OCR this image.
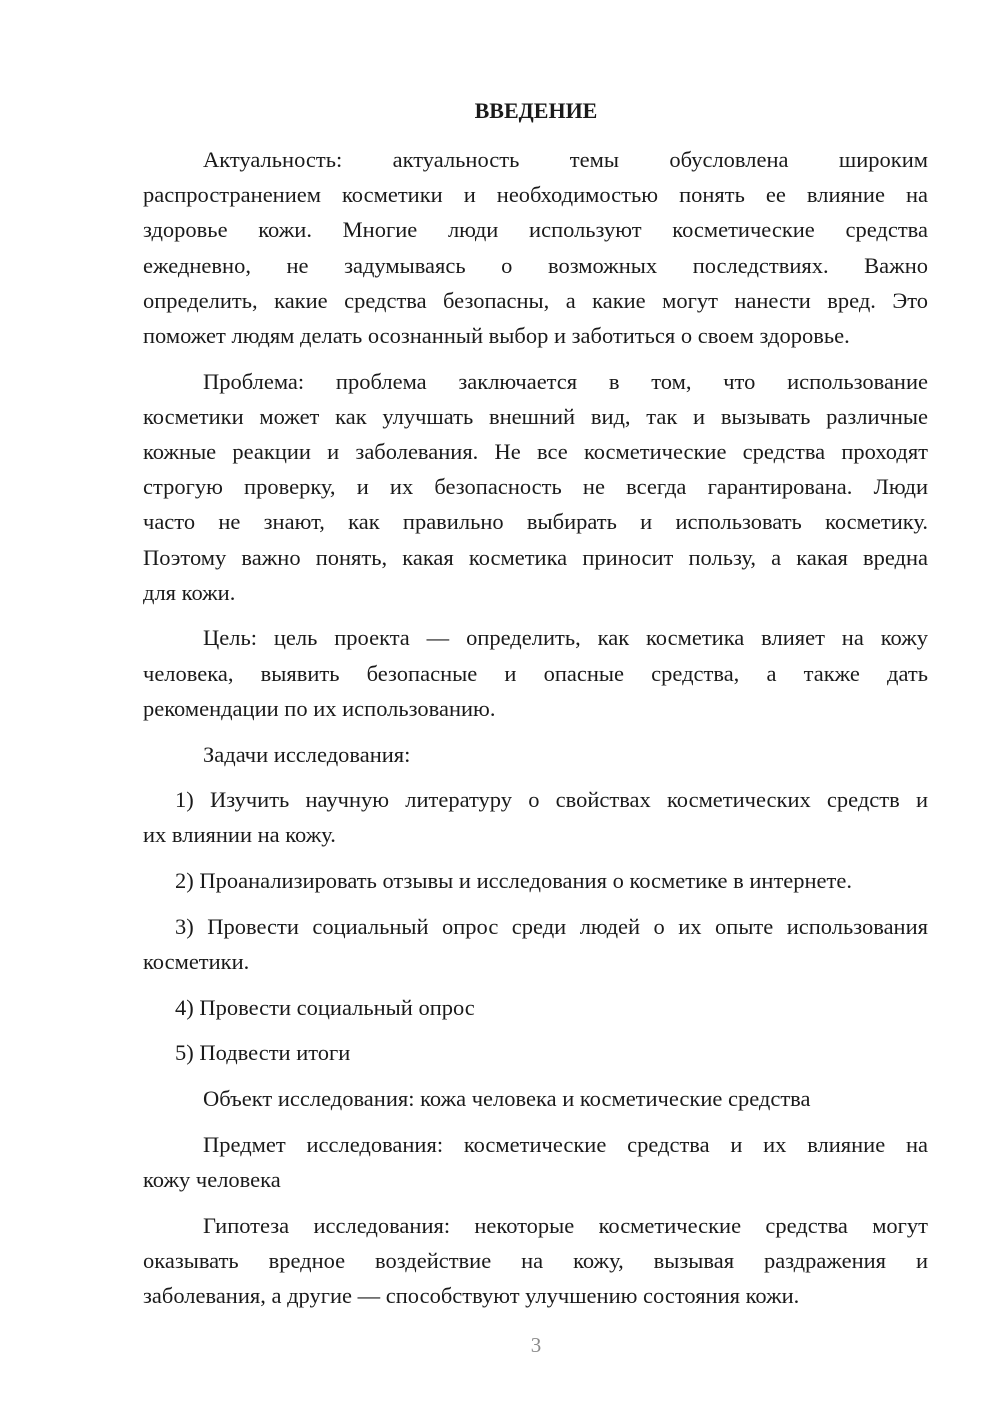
ВВЕДЕНИЕ
Актуальность: актуальность темы обусловлена широким
распространением косметики и необходимостью понять ее влияние на
здоровье кожи. Многие люди используют косметические средства
ежедневно, не задумываясь о возможных последствиях. Важно
определить, какие средства безопасны, а какие могут нанести вред. Это
поможет людям делать осознанный выбор и заботиться о своем здоровье.
Проблема: проблема заключается в том, что использование
косметики может как улучшать внешний вид, так и вызывать различные
кожные реакции и заболевания. Не все косметические средства проходят
строгую проверку, и их безопасность не всегда гарантирована. Люди
часто не знают, как правильно выбирать и использовать косметику.
Поэтому важно понять, какая косметика приносит пользу, а какая вредна
для кожи.
Цель: цель проекта — определить, как косметика влияет на кожу
человека, выявить безопасные и опасные средства, а также дать
рекомендации по их использованию.
Задачи исследования:
1) Изучить научную литературу о свойствах косметических средств и
их влиянии на кожу.
2) Проанализировать отзывы и исследования о косметике в интернете.
3) Провести социальный опрос среди людей о их опыте использования
косметики.
4) Провести социальный опрос
5) Подвести итоги
Объект исследования: кожа человека и косметические средства
Предмет исследования: косметические средства и их влияние на
кожу человека
Гипотеза исследования: некоторые косметические средства могут
оказывать вредное воздействие на кожу, вызывая раздражения и
заболевания, а другие — способствуют улучшению состояния кожи.
3
